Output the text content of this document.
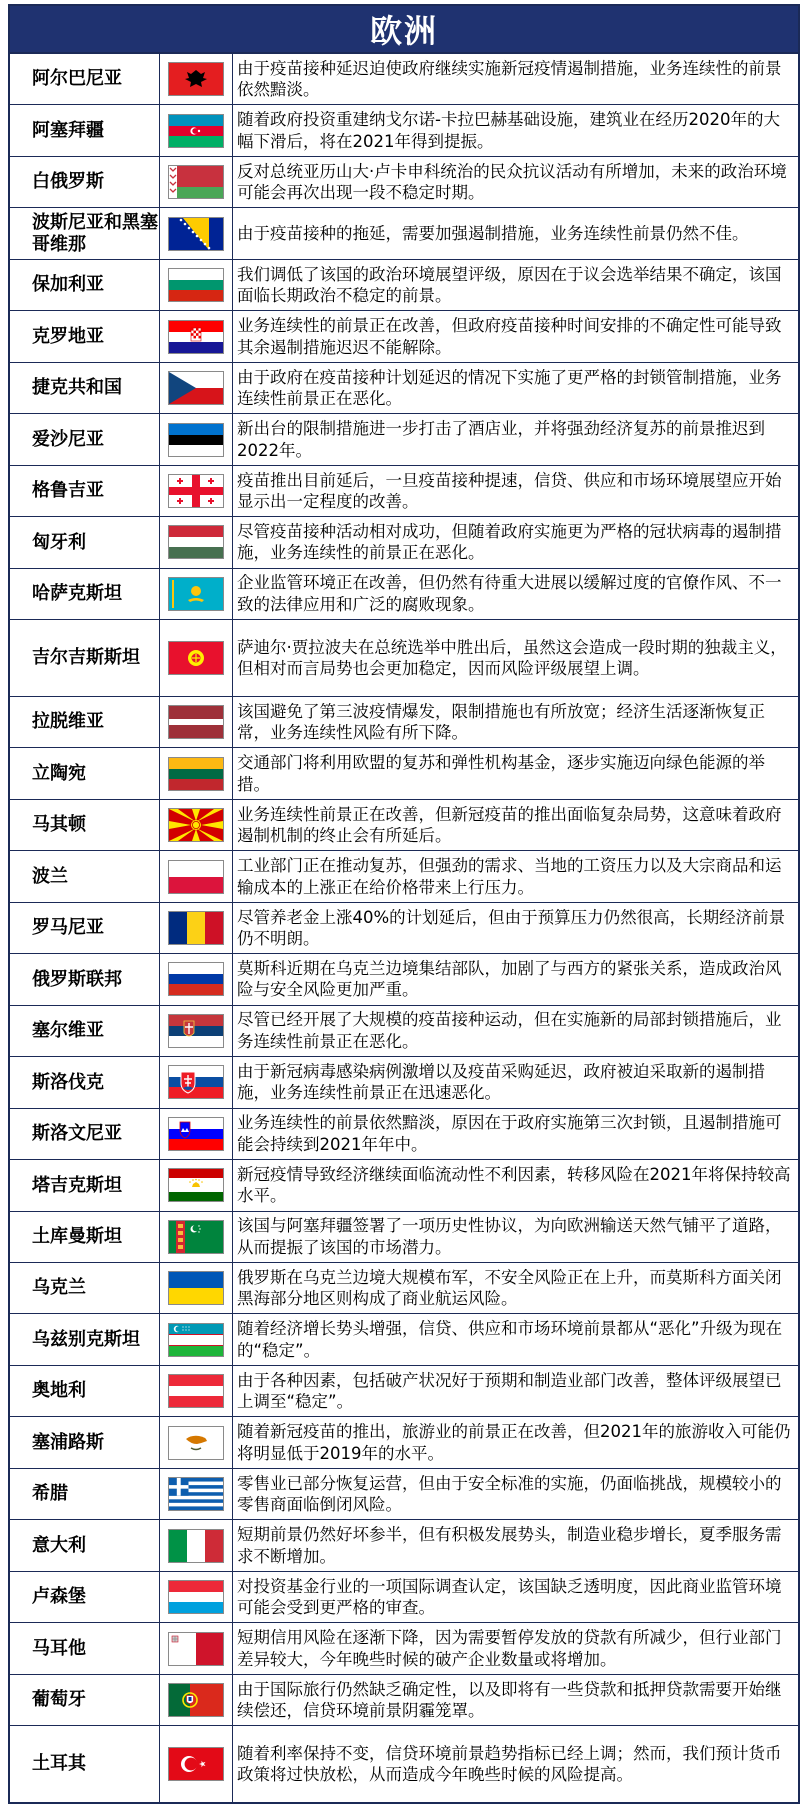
欧洲
阿尔巴尼亚
由于疫苗接种延迟迫使政府继续实施新冠疫情遏制措施，业务连续性的前景依然黯淡。
阿塞拜疆
随着政府投资重建纳戈尔诺-卡拉巴赫基础设施，建筑业在经历2020年的大幅下滑后，将在2021年得到提振。
白俄罗斯
反对总统亚历山大·卢卡申科统治的民众抗议活动有所增加，未来的政治环境可能会再次出现一段不稳定时期。
波斯尼亚和黑塞哥维那
由于疫苗接种的拖延，需要加强遏制措施，业务连续性前景仍然不佳。
保加利亚
我们调低了该国的政治环境展望评级，原因在于议会选举结果不确定，该国面临长期政治不稳定的前景。
克罗地亚
业务连续性的前景正在改善，但政府疫苗接种时间安排的不确定性可能导致其余遏制措施迟迟不能解除。
捷克共和国
由于政府在疫苗接种计划延迟的情况下实施了更严格的封锁管制措施，业务连续性前景正在恶化。
爱沙尼亚
新出台的限制措施进一步打击了酒店业，并将强劲经济复苏的前景推迟到2022年。
格鲁吉亚
疫苗推出目前延后，一旦疫苗接种提速，信贷、供应和市场环境展望应开始显示出一定程度的改善。
匈牙利
尽管疫苗接种活动相对成功，但随着政府实施更为严格的冠状病毒的遏制措施，业务连续性的前景正在恶化。
哈萨克斯坦
企业监管环境正在改善，但仍然有待重大进展以缓解过度的官僚作风、不一致的法律应用和广泛的腐败现象。
吉尔吉斯斯坦
萨迪尔·贾拉波夫在总统选举中胜出后，虽然这会造成一段时期的独裁主义，但相对而言局势也会更加稳定，因而风险评级展望上调。
拉脱维亚
该国避免了第三波疫情爆发，限制措施也有所放宽；经济生活逐渐恢复正常，业务连续性风险有所下降。
立陶宛
交通部门将利用欧盟的复苏和弹性机构基金，逐步实施迈向绿色能源的举措。
马其顿
业务连续性前景正在改善，但新冠疫苗的推出面临复杂局势，这意味着政府遏制机制的终止会有所延后。
波兰
工业部门正在推动复苏，但强劲的需求、当地的工资压力以及大宗商品和运输成本的上涨正在给价格带来上行压力。
罗马尼亚
尽管养老金上涨40%的计划延后，但由于预算压力仍然很高，长期经济前景仍不明朗。
俄罗斯联邦
莫斯科近期在乌克兰边境集结部队，加剧了与西方的紧张关系，造成政治风险与安全风险更加严重。
塞尔维亚
尽管已经开展了大规模的疫苗接种运动，但在实施新的局部封锁措施后，业务连续性前景正在恶化。
斯洛伐克
由于新冠病毒感染病例激增以及疫苗采购延迟，政府被迫采取新的遏制措施，业务连续性前景正在迅速恶化。
斯洛文尼亚
业务连续性的前景依然黯淡，原因在于政府实施第三次封锁，且遏制措施可能会持续到2021年年中。
塔吉克斯坦
新冠疫情导致经济继续面临流动性不利因素，转移风险在2021年将保持较高水平。
土库曼斯坦
该国与阿塞拜疆签署了一项历史性协议，为向欧洲输送天然气铺平了道路，从而提振了该国的市场潜力。
乌克兰
俄罗斯在乌克兰边境大规模布军，不安全风险正在上升，而莫斯科方面关闭黑海部分地区则构成了商业航运风险。
乌兹别克斯坦
随着经济增长势头增强，信贷、供应和市场环境前景都从“恶化”升级为现在的“稳定”。
奥地利
由于各种因素，包括破产状况好于预期和制造业部门改善，整体评级展望已上调至“稳定”。
塞浦路斯
随着新冠疫苗的推出，旅游业的前景正在改善，但2021年的旅游收入可能仍将明显低于2019年的水平。
希腊
零售业已部分恢复运营，但由于安全标准的实施，仍面临挑战，规模较小的零售商面临倒闭风险。
意大利
短期前景仍然好坏参半，但有积极发展势头，制造业稳步增长，夏季服务需求不断增加。
卢森堡
对投资基金行业的一项国际调查认定，该国缺乏透明度，因此商业监管环境可能会受到更严格的审查。
马耳他
短期信用风险在逐渐下降，因为需要暂停发放的贷款有所减少，但行业部门差异较大，今年晚些时候的破产企业数量或将增加。
葡萄牙
由于国际旅行仍然缺乏确定性，以及即将有一些贷款和抵押贷款需要开始继续偿还，信贷环境前景阴霾笼罩。
土耳其
随着利率保持不变，信贷环境前景趋势指标已经上调；然而，我们预计货币政策将过快放松，从而造成今年晚些时候的风险提高。
